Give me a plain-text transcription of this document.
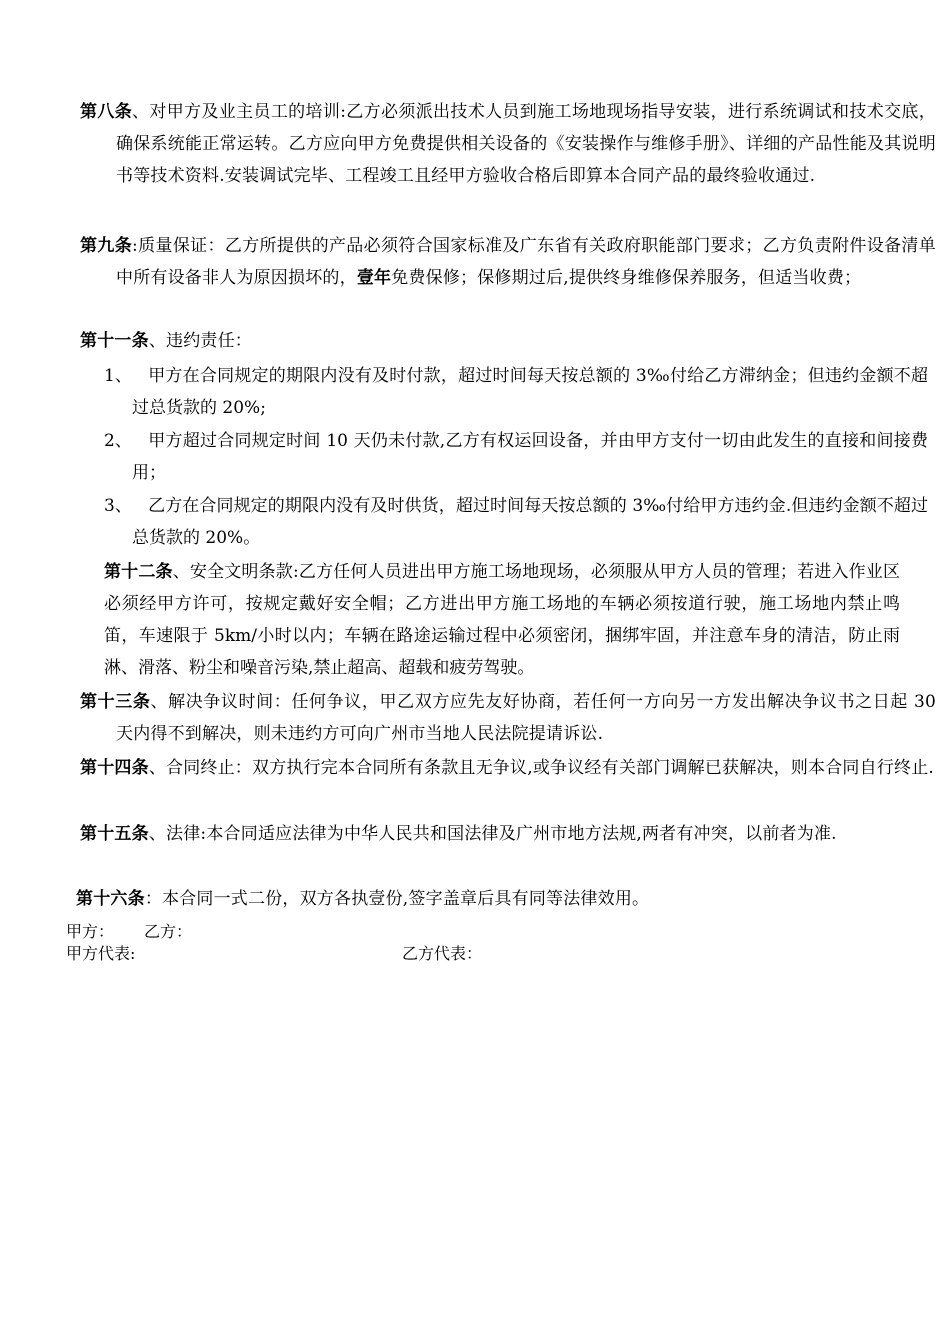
第八条、对甲方及业主员工的培训:乙方必须派出技术人员到施工场地现场指导安装，进行系统调试和技术交底，确保系统能正常运转。乙方应向甲方免费提供相关设备的《安装操作与维修手册》、详细的产品性能及其说明书等技术资料.安装调试完毕、工程竣工且经甲方验收合格后即算本合同产品的最终验收通过.

第九条:质量保证：乙方所提供的产品必须符合国家标准及广东省有关政府职能部门要求；乙方负责附件设备清单中所有设备非人为原因损坏的，壹年免费保修；保修期过后,提供终身维修保养服务，但适当收费；

第十一条、违约责任：

1、 甲方在合同规定的期限内没有及时付款，超过时间每天按总额的 3‰付给乙方滞纳金；但违约金额不超过总货款的 20%;

2、 甲方超过合同规定时间 10 天仍未付款,乙方有权运回设备，并由甲方支付一切由此发生的直接和间接费用；

3、 乙方在合同规定的期限内没有及时供货，超过时间每天按总额的 3‰付给甲方违约金.但违约金额不超过总货款的 20%。

第十二条、安全文明条款:乙方任何人员进出甲方施工场地现场，必须服从甲方人员的管理；若进入作业区必须经甲方许可，按规定戴好安全帽；乙方进出甲方施工场地的车辆必须按道行驶，施工场地内禁止鸣笛，车速限于 5km/小时以内；车辆在路途运输过程中必须密闭，捆绑牢固，并注意车身的清洁，防止雨淋、滑落、粉尘和噪音污染,禁止超高、超载和疲劳驾驶。

第十三条、解决争议时间：任何争议，甲乙双方应先友好协商，若任何一方向另一方发出解决争议书之日起 30 天内得不到解决，则未违约方可向广州市当地人民法院提请诉讼.

第十四条、合同终止：双方执行完本合同所有条款且无争议,或争议经有关部门调解已获解决，则本合同自行终止.

第十五条、法律:本合同适应法律为中华人民共和国法律及广州市地方法规,两者有冲突，以前者为准.

第十六条：本合同一式二份，双方各执壹份,签字盖章后具有同等法律效用。

甲方： 乙方：

甲方代表:	乙方代表：
